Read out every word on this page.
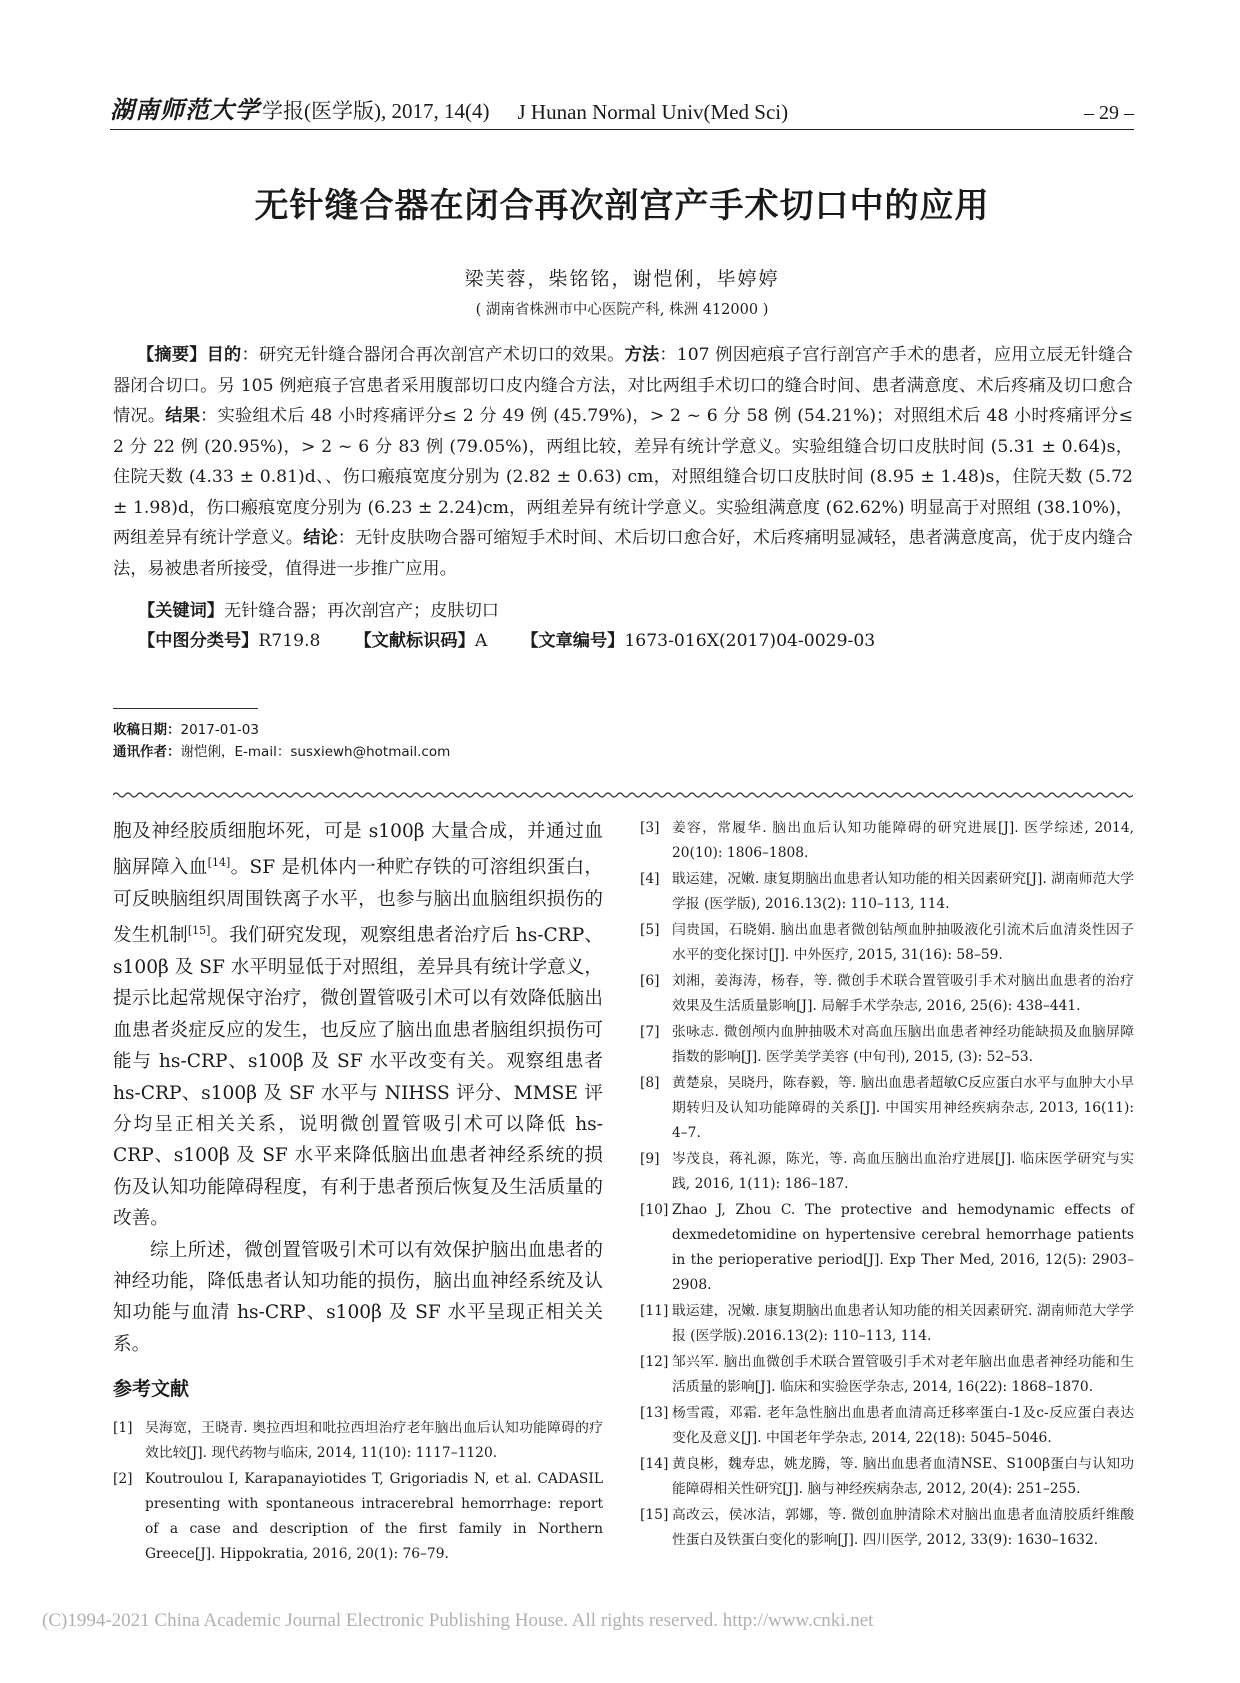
湖南师范大学 学报(医学版), 2017, 14(4) J Hunan Normal Univ(Med Sci)	– 29 –
无针缝合器在闭合再次剖宫产手术切口中的应用
梁芙蓉，柴铭铭，谢恺俐，毕婷婷
( 湖南省株洲市中心医院产科, 株洲 412000 )
【摘要】目的：研究无针缝合器闭合再次剖宫产术切口的效果。方法：107 例因疤痕子宫行剖宫产手术的患者，应用立辰无针缝合器闭合切口。另 105 例疤痕子宫患者采用腹部切口皮内缝合方法，对比两组手术切口的缝合时间、患者满意度、术后疼痛及切口愈合情况。结果：实验组术后 48 小时疼痛评分≤ 2 分 49 例 (45.79%)，> 2 ~ 6 分 58 例 (54.21%)；对照组术后 48 小时疼痛评分≤ 2 分 22 例 (20.95%)，> 2 ~ 6 分 83 例 (79.05%)，两组比较，差异有统计学意义。实验组缝合切口皮肤时间 (5.31 ± 0.64)s，住院天数 (4.33 ± 0.81)d、、伤口瘢痕宽度分别为 (2.82 ± 0.63) cm，对照组缝合切口皮肤时间 (8.95 ± 1.48)s，住院天数 (5.72 ± 1.98)d，伤口瘢痕宽度分别为 (6.23 ± 2.24)cm，两组差异有统计学意义。实验组满意度 (62.62%) 明显高于对照组 (38.10%)，两组差异有统计学意义。结论：无针皮肤吻合器可缩短手术时间、术后切口愈合好，术后疼痛明显减轻，患者满意度高，优于皮内缝合法，易被患者所接受，值得进一步推广应用。
【关键词】无针缝合器；再次剖宫产；皮肤切口
【中图分类号】R719.8 【文献标识码】A 【文章编号】1673-016X(2017)04-0029-03
收稿日期：2017-01-03
通讯作者：谢恺俐，E-mail：susxiewh@hotmail.com

胞及神经胶质细胞坏死，可是 s100β 大量合成，并通过血脑屏障入血[14]。SF 是机体内一种贮存铁的可溶组织蛋白，可反映脑组织周围铁离子水平，也参与脑出血脑组织损伤的发生机制[15]。我们研究发现，观察组患者治疗后 hs-CRP、s100β 及 SF 水平明显低于对照组，差异具有统计学意义，提示比起常规保守治疗，微创置管吸引术可以有效降低脑出血患者炎症反应的发生，也反应了脑出血患者脑组织损伤可能与 hs-CRP、s100β 及 SF 水平改变有关。观察组患者 hs-CRP、s100β 及 SF 水平与 NIHSS 评分、MMSE 评分均呈正相关关系，说明微创置管吸引术可以降低 hs-CRP、s100β 及 SF 水平来降低脑出血患者神经系统的损伤及认知功能障碍程度，有利于患者预后恢复及生活质量的改善。

综上所述，微创置管吸引术可以有效保护脑出血患者的神经功能，降低患者认知功能的损伤，脑出血神经系统及认知功能与血清 hs-CRP、s100β 及 SF 水平呈现正相关关系。

参考文献
[1] 吴海宽，王晓青. 奥拉西坦和吡拉西坦治疗老年脑出血后认知功能障碍的疗效比较[J]. 现代药物与临床, 2014, 11(10): 1117–1120.
[2] Koutroulou I, Karapanayiotides T, Grigoriadis N, et al. CADASIL presenting with spontaneous intracerebral hemorrhage: report of a case and description of the first family in Northern Greece[J]. Hippokratia, 2016, 20(1): 76–79.
[3] 姜容，常履华. 脑出血后认知功能障碍的研究进展[J]. 医学综述, 2014, 20(10): 1806–1808.
[4] 戢运建，况嫩. 康复期脑出血患者认知功能的相关因素研究[J]. 湖南师范大学学报 (医学版), 2016.13(2): 110–113, 114.
[5] 闫贵国，石晓娟. 脑出血患者微创钻颅血肿抽吸液化引流术后血清炎性因子水平的变化探讨[J]. 中外医疗, 2015, 31(16): 58–59.
[6] 刘湘，姜海涛，杨春，等. 微创手术联合置管吸引手术对脑出血患者的治疗效果及生活质量影响[J]. 局解手术学杂志, 2016, 25(6): 438–441.
[7] 张咏志. 微创颅内血肿抽吸术对高血压脑出血患者神经功能缺损及血脑屏障指数的影响[J]. 医学美学美容 (中旬刊), 2015, (3): 52–53.
[8] 黄楚泉，吴晓丹，陈春毅，等. 脑出血患者超敏C反应蛋白水平与血肿大小早期转归及认知功能障碍的关系[J]. 中国实用神经疾病杂志, 2013, 16(11): 4–7.
[9] 岑茂良，蒋礼源，陈光，等. 高血压脑出血治疗进展[J]. 临床医学研究与实践, 2016, 1(11): 186–187.
[10] Zhao J, Zhou C. The protective and hemodynamic effects of dexmedetomidine on hypertensive cerebral hemorrhage patients in the perioperative period[J]. Exp Ther Med, 2016, 12(5): 2903–2908.
[11] 戢运建，况嫩. 康复期脑出血患者认知功能的相关因素研究. 湖南师范大学学报 (医学版).2016.13(2): 110–113, 114.
[12] 邹兴军. 脑出血微创手术联合置管吸引手术对老年脑出血患者神经功能和生活质量的影响[J]. 临床和实验医学杂志, 2014, 16(22): 1868–1870.
[13] 杨雪霞，邓霜. 老年急性脑出血患者血清高迁移率蛋白-1及c-反应蛋白表达变化及意义[J]. 中国老年学杂志, 2014, 22(18): 5045–5046.
[14] 黄良彬，魏寿忠，姚龙腾，等. 脑出血患者血清NSE、S100β蛋白与认知功能障碍相关性研究[J]. 脑与神经疾病杂志, 2012, 20(4): 251–255.
[15] 高改云，侯冰洁，郭娜，等. 微创血肿清除术对脑出血患者血清胶质纤维酸性蛋白及铁蛋白变化的影响[J]. 四川医学, 2012, 33(9): 1630–1632.
(C)1994-2021 China Academic Journal Electronic Publishing House. All rights reserved. http://www.cnki.net
